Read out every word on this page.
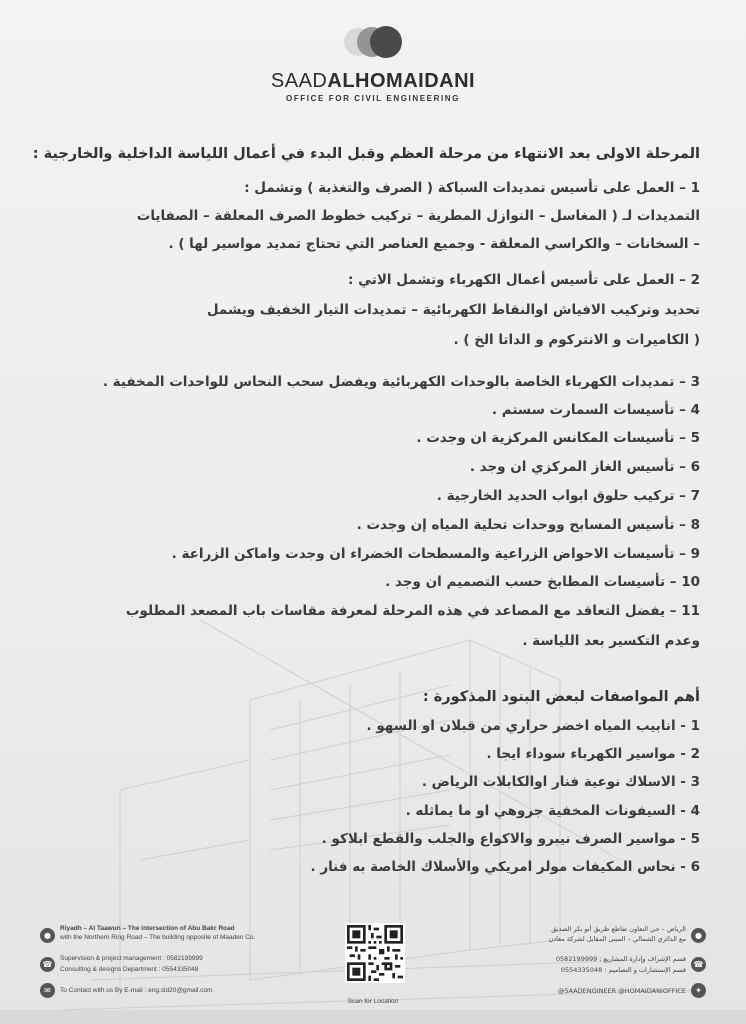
SAADALHOMAIDANI
OFFICE FOR CIVIL ENGINEERING
المرحلة الاولى بعد الانتهاء من مرحلة العظم وقبل البدء في أعمال اللياسة الداخلية والخارجية :
1 – العمل على تأسيس تمديدات السباكة ( الصرف والتغذية ) وتشمل :
التمديدات لـ ( المغاسل – النوازل المطرية – تركيب خطوط الصرف المعلقة – الصفايات
– السخانات – والكراسي المعلقة - وجميع العناصر التي تحتاج تمديد مواسير لها ) .
2 – العمل على تأسيس أعمال الكهرباء وتشمل الاتي :
تحديد وتركيب الافياش اوالنقاط الكهربائية – تمديدات التيار الخفيف ويشمل
( الكاميرات و الانتركوم و الداتا الخ ) .
3 – تمديدات الكهرباء الخاصة بالوحدات الكهربائية ويفضل سحب النحاس للواحدات المخفية .
4 – تأسيسات السمارت سستم .
5 – تأسيسات المكانس المركزية ان وجدت .
6 – تأسيس الغاز المركزي ان وجد .
7 – تركيب حلوق ابواب الحديد الخارجية .
8 – تأسيس المسابح ووحدات تحلية المياه إن وجدت .
9 – تأسيسات الاحواض الزراعية والمسطحات الخضراء ان وجدت واماكن الزراعة .
10 – تأسيسات المطابخ حسب التصميم ان وجد .
11 – يفضل التعاقد مع المصاعد في هذه المرحلة لمعرفة مقاسات باب المصعد المطلوب
وعدم التكسير بعد اللياسة .
أهم المواصفات لبعض البنود المذكورة :
1 - انابيب المياه اخضر حراري من قبلان او السهو .
2 - مواسير الكهرباء سوداء ايجا .
3 - الاسلاك نوعية فنار اوالكابلات الرياض .
4 - السيفونات المخفية جروهي او ما يماثله .
5 - مواسير الصرف نيبرو والاكواع والجلب والقطع ابلاكو .
6 - نحاس المكيفات مولر امريكي والأسلاك الخاصة به فنار .
●
Riyadh – Al Taawun – The intersection of Abu Bakr Road
with the Northern Ring Road – The building opposite of Maaden Co.
☎
Supervision & project management : 0582199999
Consulting & designs Department : 0554335048
✉	To Contact with us By E-mail : eng.sld20@gmail.com
Scan for Location
●
الرياض – حي التعاون تقاطع طريق أبو بكر الصديق
مع الدائري الشمالي – المبنى المقابل لشركة معادن
☎
قسم الإشراف وإدارة المشاريع : 0582199999
قسم الإستشارات و التصاميم : 0554335048
✦
@SAADENGINEER @HOMAIDANIOFFICE
